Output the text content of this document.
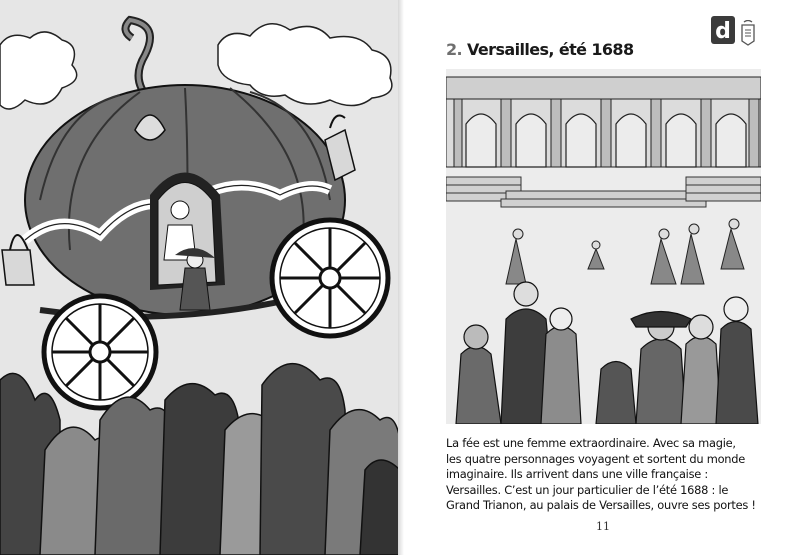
d
2. Versailles, été 1688

La fée est une femme extraordinaire. Avec sa magie,
les quatre personnages voyagent et sortent du monde
imaginaire. Ils arrivent dans une ville française :
Versailles. C’est un jour particulier de l’été 1688 : le
Grand Trianon, au palais de Versailles, ouvre ses portes !

11
